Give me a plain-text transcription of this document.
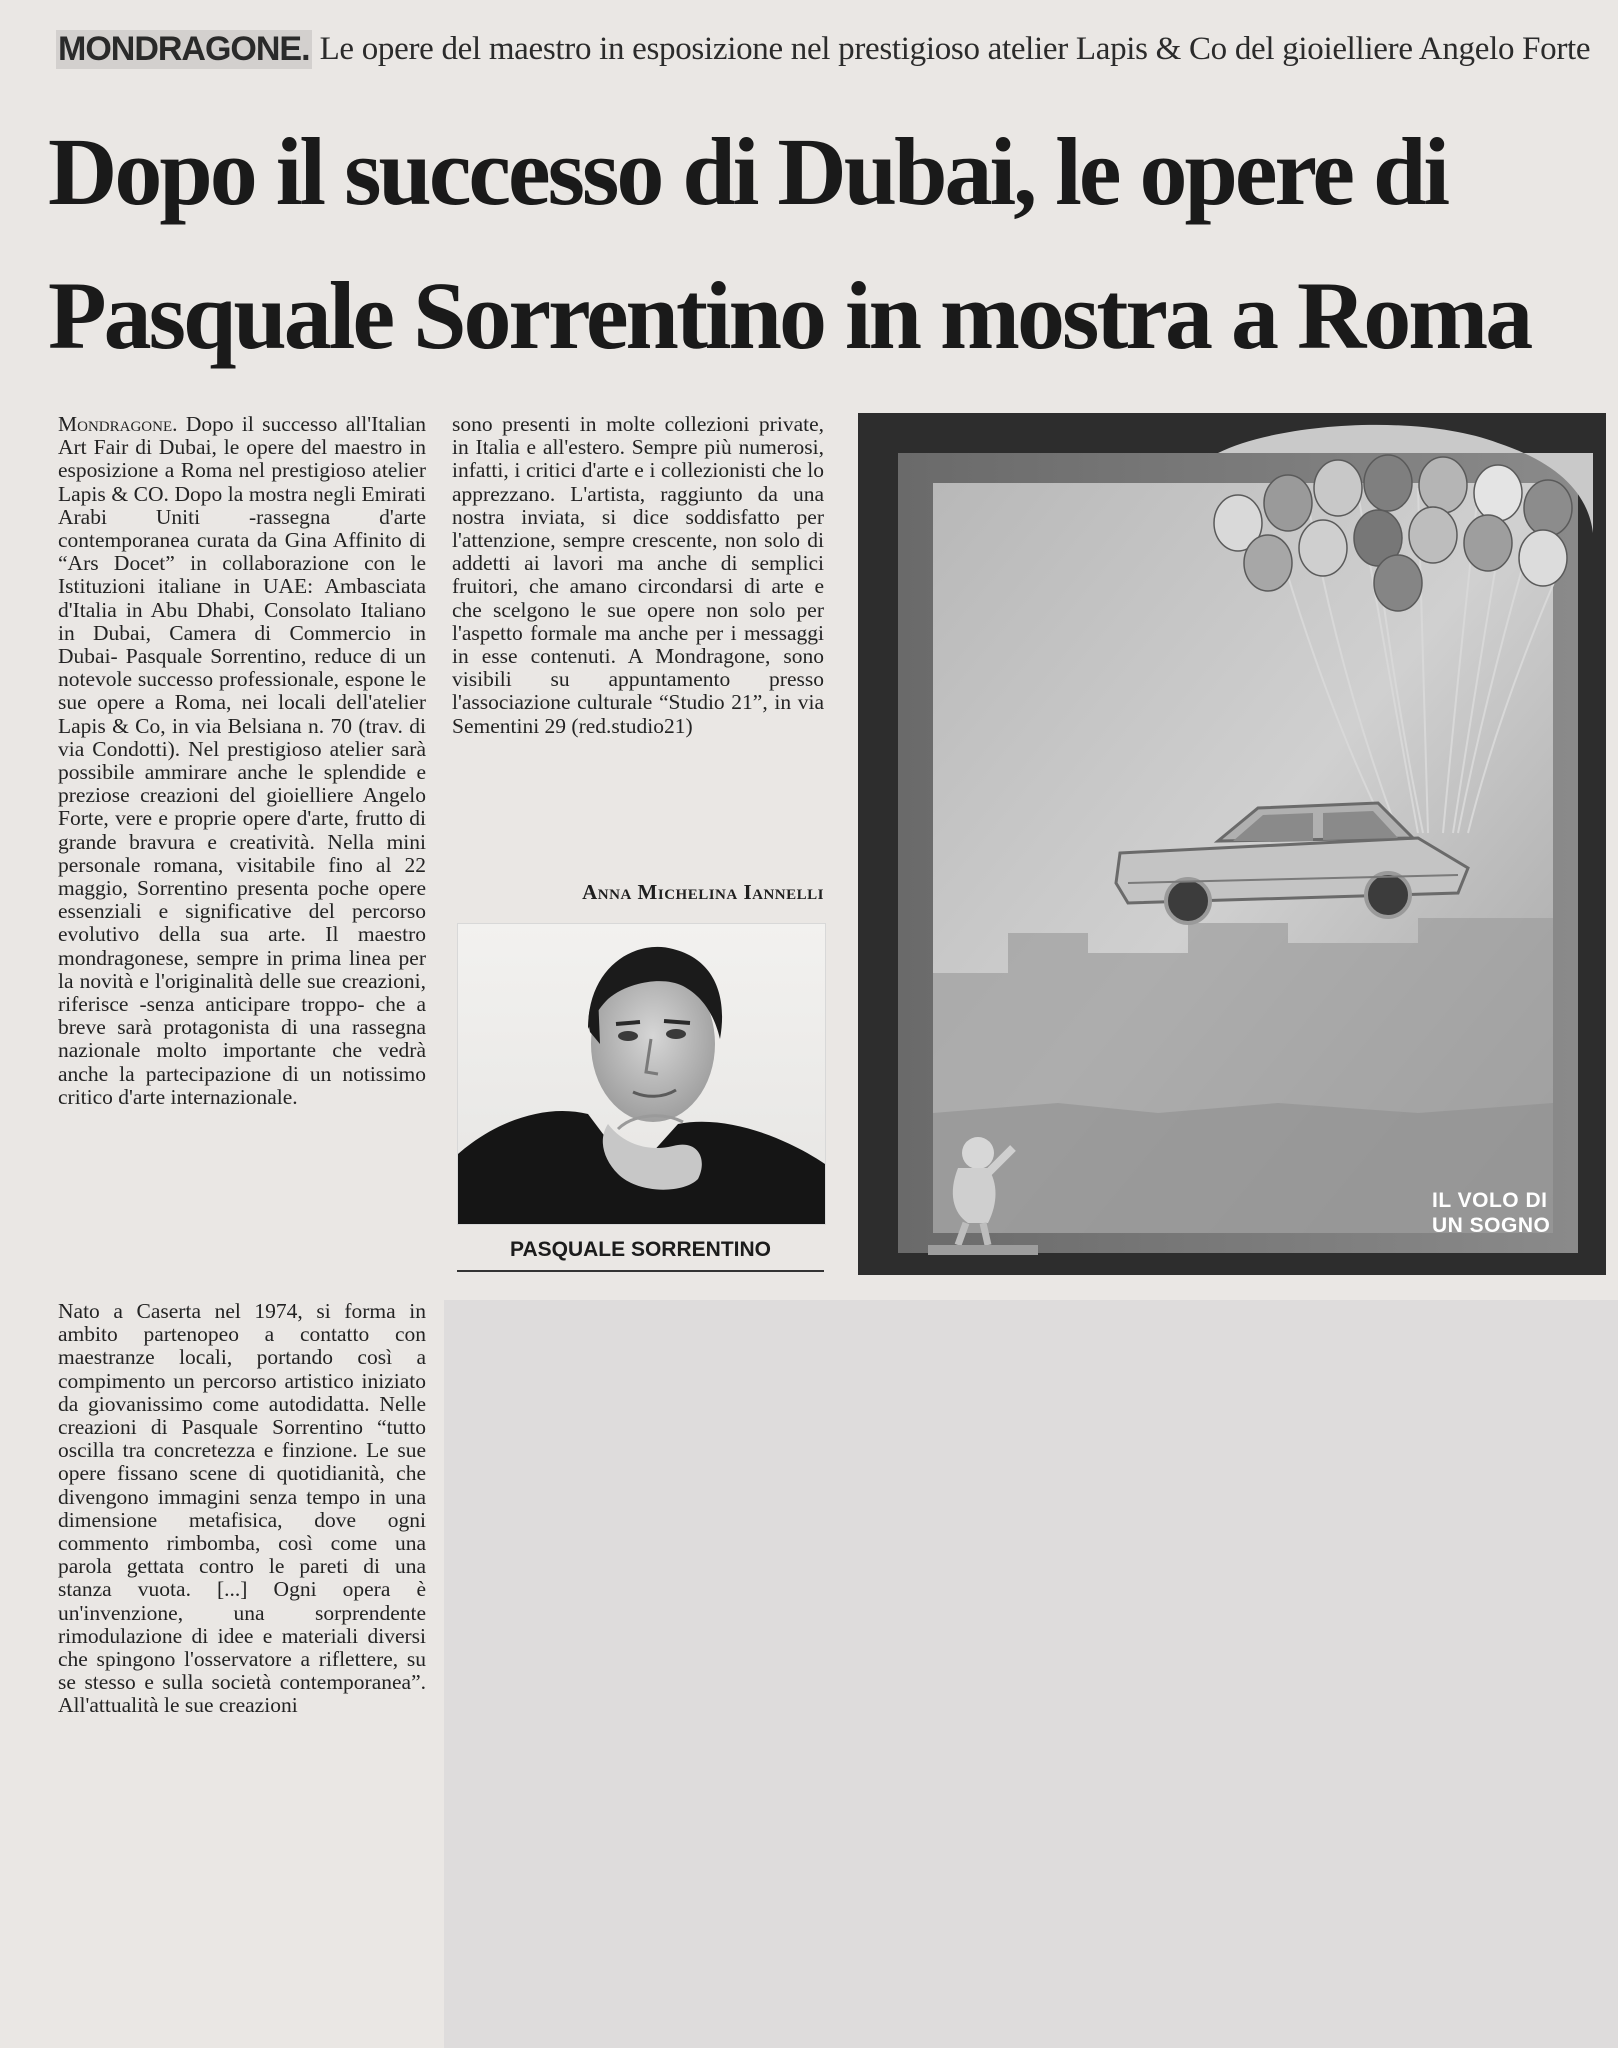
MONDRAGONE. Le opere del maestro in esposizione nel prestigioso atelier Lapis & Co del gioielliere Angelo Forte
Dopo il successo di Dubai, le opere di
Pasquale Sorrentino in mostra a Roma

Mondragone. Dopo il successo all'Italian Art Fair di Dubai, le opere del maestro in esposizione a Roma nel prestigioso atelier Lapis & CO. Dopo la mostra negli Emirati Arabi Uniti -rassegna d'arte contemporanea curata da Gina Affinito di “Ars Docet” in collaborazione con le Istituzioni italiane in UAE: Ambasciata d'Italia in Abu Dhabi, Consolato Italiano in Dubai, Camera di Commercio in Dubai- Pasquale Sorrentino, reduce di un notevole successo professionale, espone le sue opere a Roma, nei locali dell'atelier Lapis & Co, in via Belsiana n. 70 (trav. di via Condotti). Nel prestigioso atelier sarà possibile ammirare anche le splendide e preziose creazioni del gioielliere Angelo Forte, vere e proprie opere d'arte, frutto di grande bravura e creatività. Nella mini personale romana, visitabile fino al 22 maggio, Sorrentino presenta poche opere essenziali e significative del percorso evolutivo della sua arte. Il maestro mondragonese, sempre in prima linea per la novità e l'originalità delle sue creazioni, riferisce -senza anticipare troppo- che a breve sarà protagonista di una rassegna nazionale molto importante che vedrà anche la partecipazione di un notissimo critico d'arte internazionale.

sono presenti in molte collezioni private, in Italia e all'estero. Sempre più numerosi, infatti, i critici d'arte e i collezionisti che lo apprezzano. L'artista, raggiunto da una nostra inviata, si dice soddisfatto per l'attenzione, sempre crescente, non solo di addetti ai lavori ma anche di semplici fruitori, che amano circondarsi di arte e che scelgono le sue opere non solo per l'aspetto formale ma anche per i messaggi in esse contenuti. A Mondragone, sono visibili su appuntamento presso l'associazione culturale “Studio 21”, in via Sementini 29 (red.studio21)

Anna Michelina Iannelli
PASQUALE SORRENTINO
IL VOLO DI
UN SOGNO

Nato a Caserta nel 1974, si forma in ambito partenopeo a contatto con maestranze locali, portando così a compimento un percorso artistico iniziato da giovanissimo come autodidatta. Nelle creazioni di Pasquale Sorrentino “tutto oscilla tra concretezza e finzione. Le sue opere fissano scene di quotidianità, che divengono immagini senza tempo in una dimensione metafisica, dove ogni commento rimbomba, così come una parola gettata contro le pareti di una stanza vuota. [...] Ogni opera è un'invenzione, una sorprendente rimodulazione di idee e materiali diversi che spingono l'osservatore a riflettere, su se stesso e sulla società contemporanea”. All'attualità le sue creazioni
